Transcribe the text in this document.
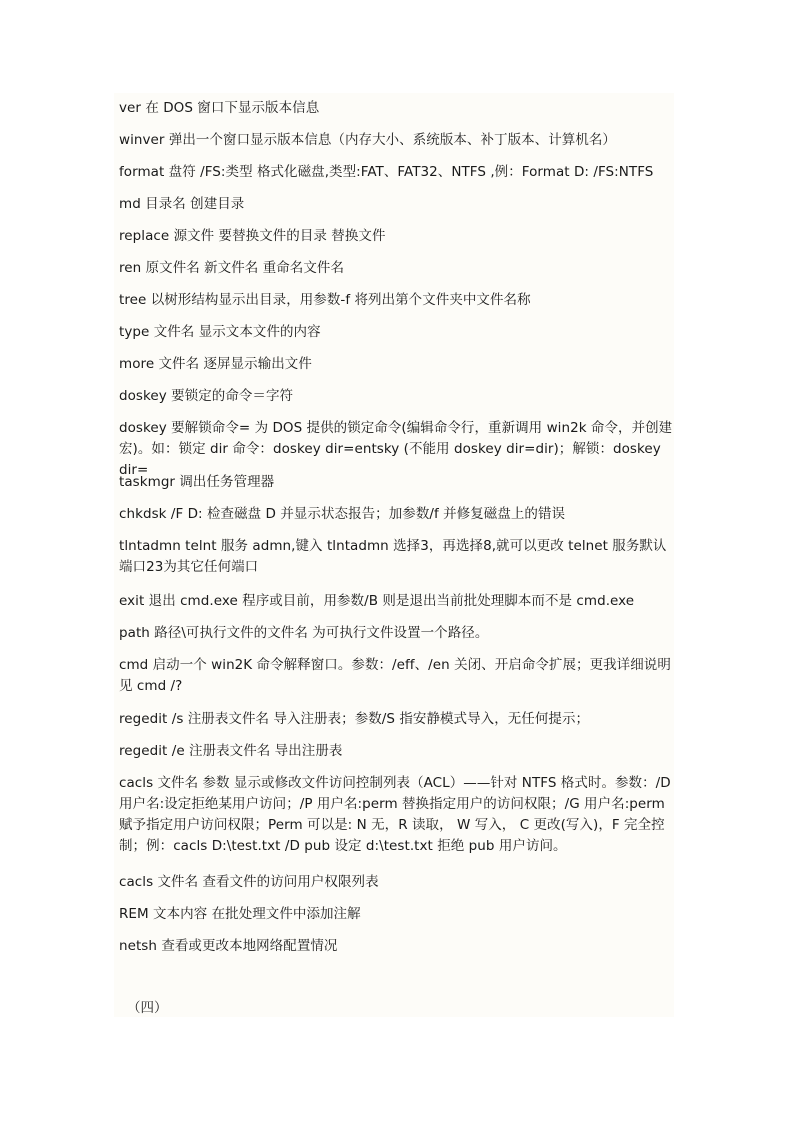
ver 在 DOS 窗口下显示版本信息

winver 弹出一个窗口显示版本信息（内存大小、系统版本、补丁版本、计算机名）

format 盘符 /FS:类型 格式化磁盘,类型:FAT、FAT32、NTFS ,例：Format D: /FS:NTFS

md 目录名 创建目录

replace 源文件 要替换文件的目录 替换文件

ren 原文件名 新文件名 重命名文件名

tree 以树形结构显示出目录，用参数-f 将列出第个文件夹中文件名称

type 文件名 显示文本文件的内容

more 文件名 逐屏显示输出文件

doskey 要锁定的命令＝字符

doskey 要解锁命令= 为 DOS 提供的锁定命令(编辑命令行，重新调用 win2k 命令，并创建宏)。如：锁定 dir 命令：doskey dir=entsky (不能用 doskey dir=dir)；解锁：doskey dir=

taskmgr 调出任务管理器

chkdsk /F D: 检查磁盘 D 并显示状态报告；加参数/f 并修复磁盘上的错误

tlntadmn telnt 服务 admn,键入 tlntadmn 选择3，再选择8,就可以更改 telnet 服务默认端口23为其它任何端口

exit 退出 cmd.exe 程序或目前，用参数/B 则是退出当前批处理脚本而不是 cmd.exe

path 路径\可执行文件的文件名 为可执行文件设置一个路径。

cmd 启动一个 win2K 命令解释窗口。参数：/eff、/en 关闭、开启命令扩展；更我详细说明见 cmd /?

regedit /s 注册表文件名 导入注册表；参数/S 指安静模式导入，无任何提示；

regedit /e 注册表文件名 导出注册表

cacls 文件名 参数 显示或修改文件访问控制列表（ACL）——针对 NTFS 格式时。参数：/D 用户名:设定拒绝某用户访问；/P 用户名:perm 替换指定用户的访问权限；/G 用户名:perm 赋予指定用户访问权限；Perm 可以是: N 无，R 读取， W 写入， C 更改(写入)，F 完全控制；例：cacls D:\test.txt /D pub 设定 d:\test.txt 拒绝 pub 用户访问。

cacls 文件名 查看文件的访问用户权限列表

REM 文本内容 在批处理文件中添加注解

netsh 查看或更改本地网络配置情况

（四）
